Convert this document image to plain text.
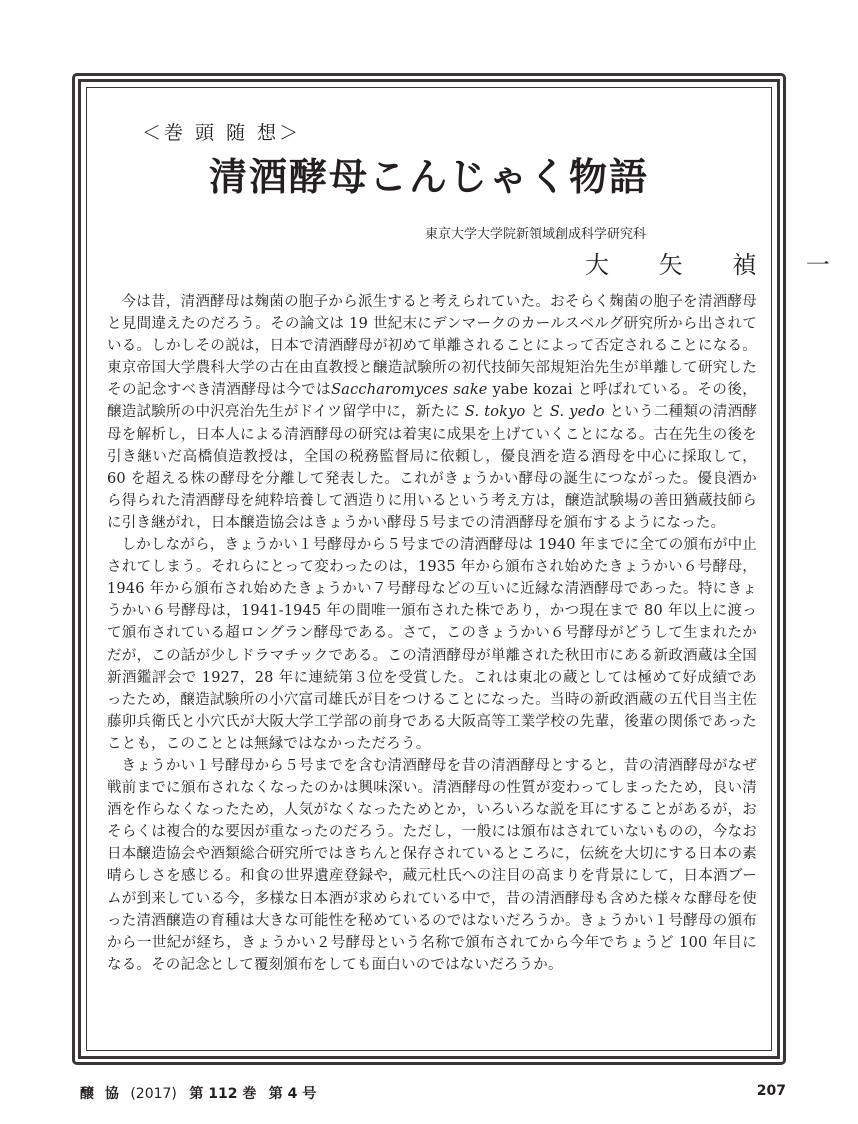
＜巻 頭 随 想＞
清酒酵母こんじゃく物語
東京大学大学院新領域創成科学研究科
大 矢 禎 一

今は昔，清酒酵母は麹菌の胞子から派生すると考えられていた。おそらく麹菌の胞子を清酒酵母と見間違えたのだろう。その論文は 19 世紀末にデンマークのカールスベルグ研究所から出されている。しかしその説は，日本で清酒酵母が初めて単離されることによって否定されることになる。東京帝国大学農科大学の古在由直教授と醸造試験所の初代技師矢部規矩治先生が単離して研究したその記念すべき清酒酵母は今ではSaccharomyces sake yabe kozai と呼ばれている。その後，醸造試験所の中沢亮治先生がドイツ留学中に，新たに S. tokyo と S. yedo という二種類の清酒酵母を解析し，日本人による清酒酵母の研究は着実に成果を上げていくことになる。古在先生の後を引き継いだ高橋偵造教授は，全国の税務監督局に依頼し，優良酒を造る酒母を中心に採取して，60 を超える株の酵母を分離して発表した。これがきょうかい酵母の誕生につながった。優良酒から得られた清酒酵母を純粋培養して酒造りに用いるという考え方は，醸造試験場の善田猶蔵技師らに引き継がれ，日本醸造協会はきょうかい酵母５号までの清酒酵母を頒布するようになった。

しかしながら，きょうかい１号酵母から５号までの清酒酵母は 1940 年までに全ての頒布が中止されてしまう。それらにとって変わったのは，1935 年から頒布され始めたきょうかい６号酵母，1946 年から頒布され始めたきょうかい７号酵母などの互いに近縁な清酒酵母であった。特にきょうかい６号酵母は，1941-1945 年の間唯一頒布された株であり，かつ現在まで 80 年以上に渡って頒布されている超ロングラン酵母である。さて，このきょうかい６号酵母がどうして生まれたかだが，この話が少しドラマチックである。この清酒酵母が単離された秋田市にある新政酒蔵は全国新酒鑑評会で 1927，28 年に連続第３位を受賞した。これは東北の蔵としては極めて好成績であったため，醸造試験所の小穴富司雄氏が目をつけることになった。当時の新政酒蔵の五代目当主佐藤卯兵衛氏と小穴氏が大阪大学工学部の前身である大阪高等工業学校の先輩，後輩の関係であったことも，このこととは無縁ではなかっただろう。

きょうかい１号酵母から５号までを含む清酒酵母を昔の清酒酵母とすると，昔の清酒酵母がなぜ戦前までに頒布されなくなったのかは興味深い。清酒酵母の性質が変わってしまったため，良い清酒を作らなくなったため，人気がなくなったためとか，いろいろな説を耳にすることがあるが，おそらくは複合的な要因が重なったのだろう。ただし，一般には頒布はされていないものの，今なお日本醸造協会や酒類総合研究所ではきちんと保存されているところに，伝統を大切にする日本の素晴らしさを感じる。和食の世界遺産登録や，蔵元杜氏への注目の高まりを背景にして，日本酒ブームが到来している今，多様な日本酒が求められている中で，昔の清酒酵母も含めた様々な酵母を使った清酒醸造の育種は大きな可能性を秘めているのではないだろうか。きょうかい１号酵母の頒布から一世紀が経ち，きょうかい２号酵母という名称で頒布されてから今年でちょうど 100 年目になる。その記念として覆刻頒布をしても面白いのではないだろうか。

醸 協 (2017) 第 112 巻 第 4 号	207
